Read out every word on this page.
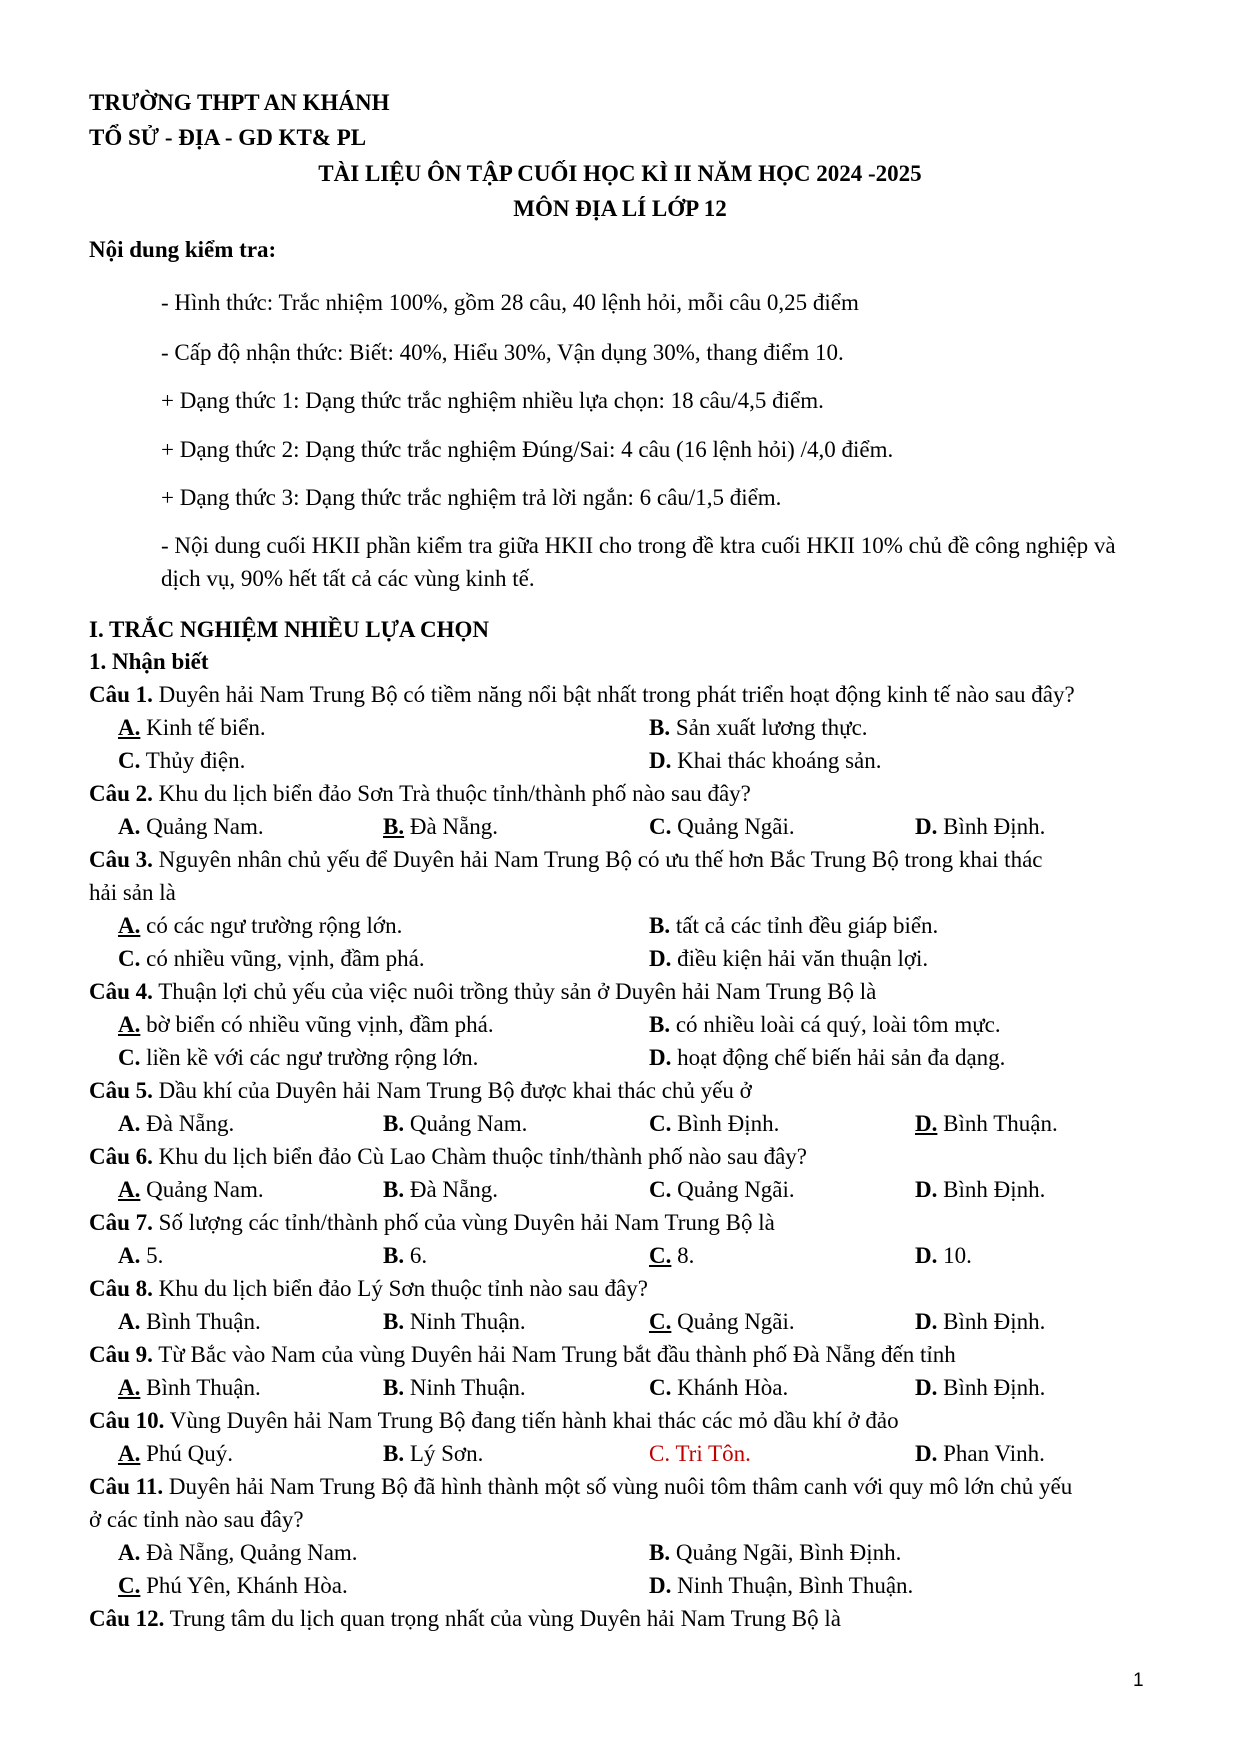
TRƯỜNG THPT AN KHÁNH
TỔ SỬ - ĐỊA - GD KT& PL
TÀI LIỆU ÔN TẬP CUỐI HỌC KÌ II NĂM HỌC 2024 -2025
MÔN ĐỊA LÍ LỚP 12
Nội dung kiểm tra:
- Hình thức: Trắc nhiệm 100%, gồm 28 câu, 40 lệnh hỏi, mỗi câu 0,25 điểm
- Cấp độ nhận thức: Biết: 40%, Hiểu 30%, Vận dụng 30%, thang điểm 10.
+ Dạng thức 1: Dạng thức trắc nghiệm nhiều lựa chọn: 18 câu/4,5 điểm.
+ Dạng thức 2: Dạng thức trắc nghiệm Đúng/Sai: 4 câu (16 lệnh hỏi) /4,0 điểm.
+ Dạng thức 3: Dạng thức trắc nghiệm trả lời ngắn: 6 câu/1,5 điểm.
- Nội dung cuối HKII phần kiểm tra giữa HKII cho trong đề ktra cuối HKII 10% chủ đề công nghiệp và dịch vụ, 90% hết tất cả các vùng kinh tế.
I. TRẮC NGHIỆM NHIỀU LỰA CHỌN
1. Nhận biết
Câu 1. Duyên hải Nam Trung Bộ có tiềm năng nổi bật nhất trong phát triển hoạt động kinh tế nào sau đây?
A. Kinh tế biển.	B. Sản xuất lương thực.
C. Thủy điện.	D. Khai thác khoáng sản.
Câu 2. Khu du lịch biển đảo Sơn Trà thuộc tỉnh/thành phố nào sau đây?
A. Quảng Nam.	B. Đà Nẵng.	C. Quảng Ngãi.	D. Bình Định.
Câu 3. Nguyên nhân chủ yếu để Duyên hải Nam Trung Bộ có ưu thế hơn Bắc Trung Bộ trong khai thác
hải sản là
A. có các ngư trường rộng lớn.	B. tất cả các tỉnh đều giáp biển.
C. có nhiều vũng, vịnh, đầm phá.	D. điều kiện hải văn thuận lợi.
Câu 4. Thuận lợi chủ yếu của việc nuôi trồng thủy sản ở Duyên hải Nam Trung Bộ là
A. bờ biển có nhiều vũng vịnh, đầm phá.	B. có nhiều loài cá quý, loài tôm mực.
C. liền kề với các ngư trường rộng lớn.	D. hoạt động chế biến hải sản đa dạng.
Câu 5. Dầu khí của Duyên hải Nam Trung Bộ được khai thác chủ yếu ở
A. Đà Nẵng.	B. Quảng Nam.	C. Bình Định.	D. Bình Thuận.
Câu 6. Khu du lịch biển đảo Cù Lao Chàm thuộc tỉnh/thành phố nào sau đây?
A. Quảng Nam.	B. Đà Nẵng.	C. Quảng Ngãi.	D. Bình Định.
Câu 7. Số lượng các tỉnh/thành phố của vùng Duyên hải Nam Trung Bộ là
A. 5.	B. 6.	C. 8.	D. 10.
Câu 8. Khu du lịch biển đảo Lý Sơn thuộc tỉnh nào sau đây?
A. Bình Thuận.	B. Ninh Thuận.	C. Quảng Ngãi.	D. Bình Định.
Câu 9. Từ Bắc vào Nam của vùng Duyên hải Nam Trung bắt đầu thành phố Đà Nẵng đến tỉnh
A. Bình Thuận.	B. Ninh Thuận.	C. Khánh Hòa.	D. Bình Định.
Câu 10. Vùng Duyên hải Nam Trung Bộ đang tiến hành khai thác các mỏ dầu khí ở đảo
A. Phú Quý.	B. Lý Sơn.	C. Tri Tôn.	D. Phan Vinh.
Câu 11. Duyên hải Nam Trung Bộ đã hình thành một số vùng nuôi tôm thâm canh với quy mô lớn chủ yếu
ở các tỉnh nào sau đây?
A. Đà Nẵng, Quảng Nam.	B. Quảng Ngãi, Bình Định.
C. Phú Yên, Khánh Hòa.	D. Ninh Thuận, Bình Thuận.
Câu 12. Trung tâm du lịch quan trọng nhất của vùng Duyên hải Nam Trung Bộ là
1
